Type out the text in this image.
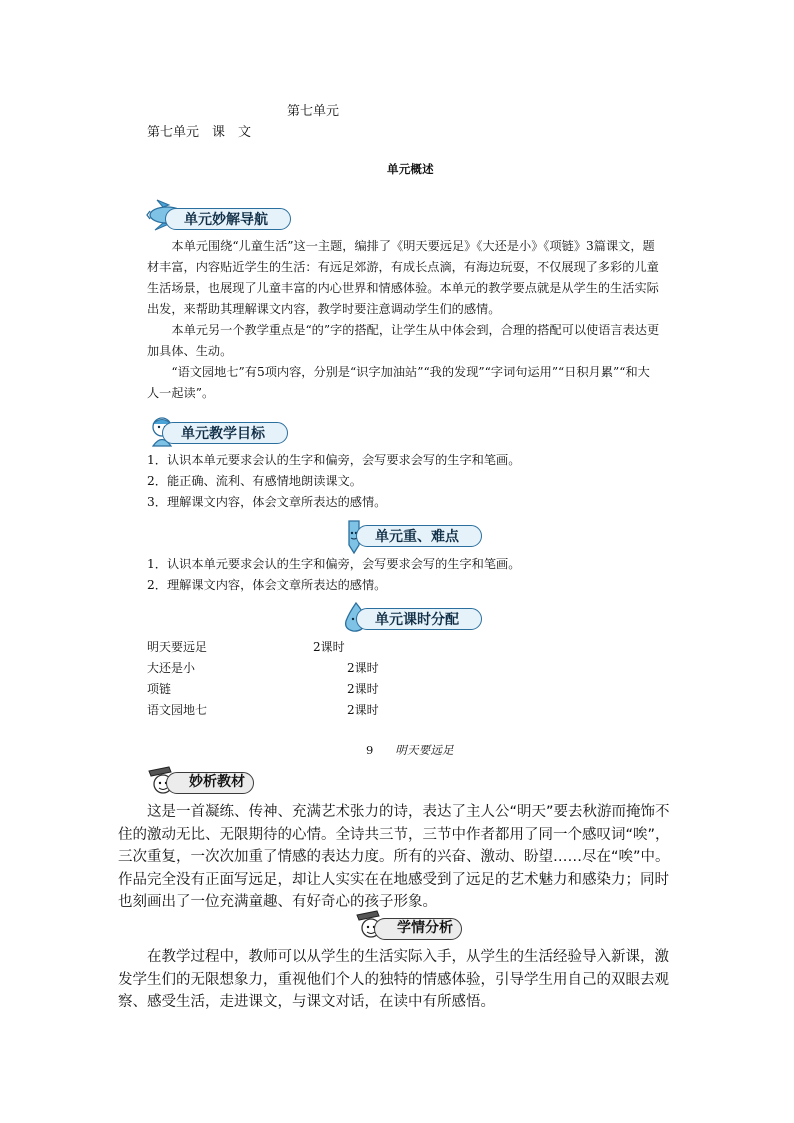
第七单元
第七单元　课　文
单元概述
单元妙解导航
本单元围绕“儿童生活”这一主题，编排了《明天要远足》《大还是小》《项链》3篇课文，题材丰富，内容贴近学生的生活：有远足郊游，有成长点滴，有海边玩耍，不仅展现了多彩的儿童生活场景，也展现了儿童丰富的内心世界和情感体验。本单元的教学要点就是从学生的生活实际出发，来帮助其理解课文内容，教学时要注意调动学生们的感情。
本单元另一个教学重点是“的”字的搭配，让学生从中体会到，合理的搭配可以使语言表达更加具体、生动。
“语文园地七”有5项内容，分别是“识字加油站”“我的发现”“字词句运用”“日积月累”“和大人一起读”。
单元教学目标
1．认识本单元要求会认的生字和偏旁，会写要求会写的生字和笔画。
2．能正确、流利、有感情地朗读课文。
3．理解课文内容，体会文章所表达的感情。
单元重、难点
1．认识本单元要求会认的生字和偏旁，会写要求会写的生字和笔画。
2．理解课文内容，体会文章所表达的感情。
单元课时分配
明天要远足	2课时
大还是小	2课时
项链	2课时
语文园地七	2课时
9 明天要远足
妙析教材
这是一首凝练、传神、充满艺术张力的诗，表达了主人公“明天”要去秋游而掩饰不住的激动无比、无限期待的心情。全诗共三节，三节中作者都用了同一个感叹词“唉”，三次重复，一次次加重了情感的表达力度。所有的兴奋、激动、盼望……尽在“唉”中。作品完全没有正面写远足，却让人实实在在地感受到了远足的艺术魅力和感染力；同时也刻画出了一位充满童趣、有好奇心的孩子形象。
学情分析
在教学过程中，教师可以从学生的生活实际入手，从学生的生活经验导入新课，激发学生们的无限想象力，重视他们个人的独特的情感体验，引导学生用自己的双眼去观察、感受生活，走进课文，与课文对话，在读中有所感悟。
